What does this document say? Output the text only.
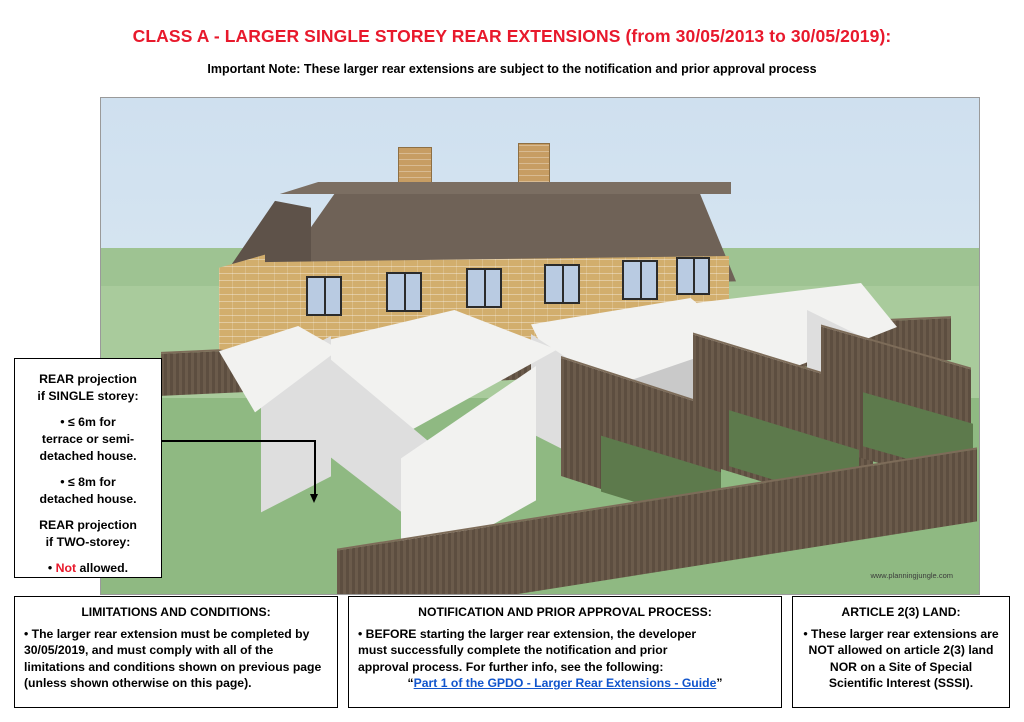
CLASS A - LARGER SINGLE STOREY REAR EXTENSIONS (from 30/05/2013 to 30/05/2019):
Important Note: These larger rear extensions are subject to the notification and prior approval process
www.planningjungle.com

REAR projection

if SINGLE storey:

• ≤ 6m for

terrace or semi-

detached house.

• ≤ 8m for

detached house.

REAR projection

if TWO-storey:

• Not allowed.

LIMITATIONS AND CONDITIONS:
• The larger rear extension must be completed by 30/05/2019, and must comply with all of the limitations and conditions shown on previous page (unless shown otherwise on this page).
NOTIFICATION AND PRIOR APPROVAL PROCESS:

• BEFORE starting the larger rear extension, the developer

must successfully complete the notification and prior

approval process. For further info, see the following:

“Part 1 of the GPDO - Larger Rear Extensions - Guide”

ARTICLE 2(3) LAND:
• These larger rear extensions are NOT allowed on article 2(3) land NOR on a Site of Special Scientific Interest (SSSI).
